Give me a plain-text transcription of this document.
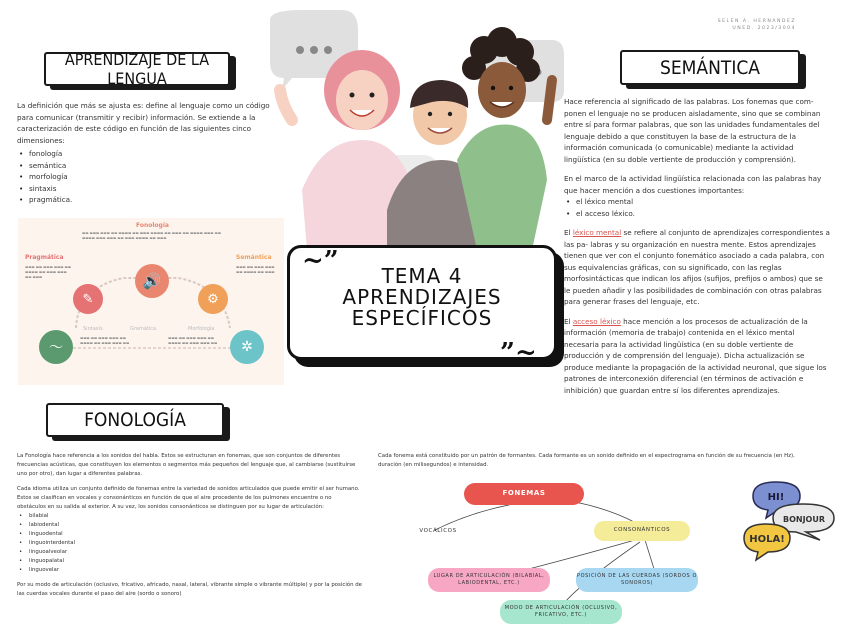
SELEN A. HERNANDEZ
UNED. 2023/3004
APRENDIZAJE DE LA LENGUA

La definición que más se ajusta es: define al lenguaje como un código para comunicar (transmitir y recibir) información. Se extiende a la caracterización de este código en función de las siguientes cinco dimensiones:

• fonología
• semántica
• morfología
• sintaxis
• pragmática.
Fonología
▬▬ ▬▬▬ ▬▬▬ ▬▬ ▬▬▬▬ ▬▬ ▬▬▬ ▬▬▬▬ ▬▬ ▬▬▬ ▬▬ ▬▬▬▬ ▬▬▬ ▬▬ ▬▬▬▬ ▬▬▬ ▬▬▬ ▬▬ ▬▬▬ ▬▬▬▬ ▬▬ ▬▬▬
Pragmática
▬▬▬ ▬▬ ▬▬▬ ▬▬▬ ▬▬ ▬▬▬▬ ▬▬ ▬▬▬ ▬▬▬ ▬▬ ▬▬▬
Semántica
▬▬▬ ▬▬ ▬▬▬ ▬▬▬ ▬▬ ▬▬▬▬ ▬▬ ▬▬▬
🔊
✎	⚙
〜	✲
Sintaxis	Gramática	Morfología
▬▬▬ ▬▬ ▬▬▬ ▬▬▬ ▬▬ ▬▬▬▬ ▬▬ ▬▬▬ ▬▬▬ ▬▬
▬▬▬ ▬▬ ▬▬▬ ▬▬▬ ▬▬ ▬▬▬▬ ▬▬ ▬▬▬ ▬▬▬ ▬▬
SEMÁNTICA

Hace referencia al significado de las palabras. Los fonemas que com- ponen el lenguaje no se producen aisladamente, sino que se combinan entre sí para formar palabras, que son las unidades fundamentales del lenguaje debido a que constituyen la base de la estructura de la información comunicada (o comunicable) mediante la actividad lingüística (en su doble vertiente de producción y comprensión).

En el marco de la actividad lingüística relacionada con las palabras hay que hacer mención a dos cuestiones importantes:

• el léxico mental
• el acceso léxico.

El léxico mental se refiere al conjunto de aprendizajes correspondientes a las pa- labras y su organización en nuestra mente. Estos aprendizajes tienen que ver con el conjunto fonemático asociado a cada palabra, con sus equivalencias gráficas, con su significado, con las reglas morfosintácticas que indican los afijos (sufijos, prefijos o ambos) que se le pueden añadir y las posibilidades de combinación con otras palabras para generar frases del lenguaje, etc.

El acceso léxico hace mención a los procesos de actualización de la información (memoria de trabajo) contenida en el léxico mental necesaria para la actividad lingüística (en su doble vertiente de producción y de comprensión del lenguaje). Dicha actualización se produce mediante la propagación de la actividad neuronal, que sigue los patrones de interconexión diferencial (en términos de activación e inhibición) que guardan entre sí los diferentes aprendizajes.

TEMA 4
APRENDIZAJES
ESPECÍFICOS
~”
”~
FONOLOGÍA

La Fonología hace referencia a los sonidos del habla. Estos se estructuran en fonemas, que son conjuntos de diferentes frecuencias acústicas, que constituyen los elementos o segmentos más pequeños del lenguaje que, al cambiarse (sustituirse uno por otro), dan lugar a diferentes palabras.

Cada idioma utiliza un conjunto definido de fonemas entre la variedad de sonidos articulados que puede emitir el ser humano. Estos se clasifican en vocales y consonánticos en función de que el aire procedente de los pulmones encuentre o no obstáculos en su salida al exterior. A su vez, los sonidos consonánticos se distinguen por su lugar de articulación:

• bilabial
• labiodental
• linguodental
• linguointerdental
• linguoalveolar
• linguopalatal
• linguovelar

Por su modo de articulación (oclusivo, fricativo, africado, nasal, lateral, vibrante simple o vibrante múltiple) y por la posición de las cuerdas vocales durante el paso del aire (sordo o sonoro)

Cada fonema está constituido por un patrón de formantes. Cada formante es un sonido definido en el espectrograma en función de su frecuencia (en Hz), duración (en milisegundos) e intensidad.

FONEMAS
VOCÁLICOS	CONSONÁNTICOS
LUGAR DE ARTICULACIÓN (BILABIAL, LABIODENTAL, ETC.)
POSICIÓN DE LAS CUERDAS (SORDOS O SONOROS)
MODO DE ARTICULACIÓN (OCLUSIVO, FRICATIVO, ETC.)
HI!
BONJOUR
HOLA!
